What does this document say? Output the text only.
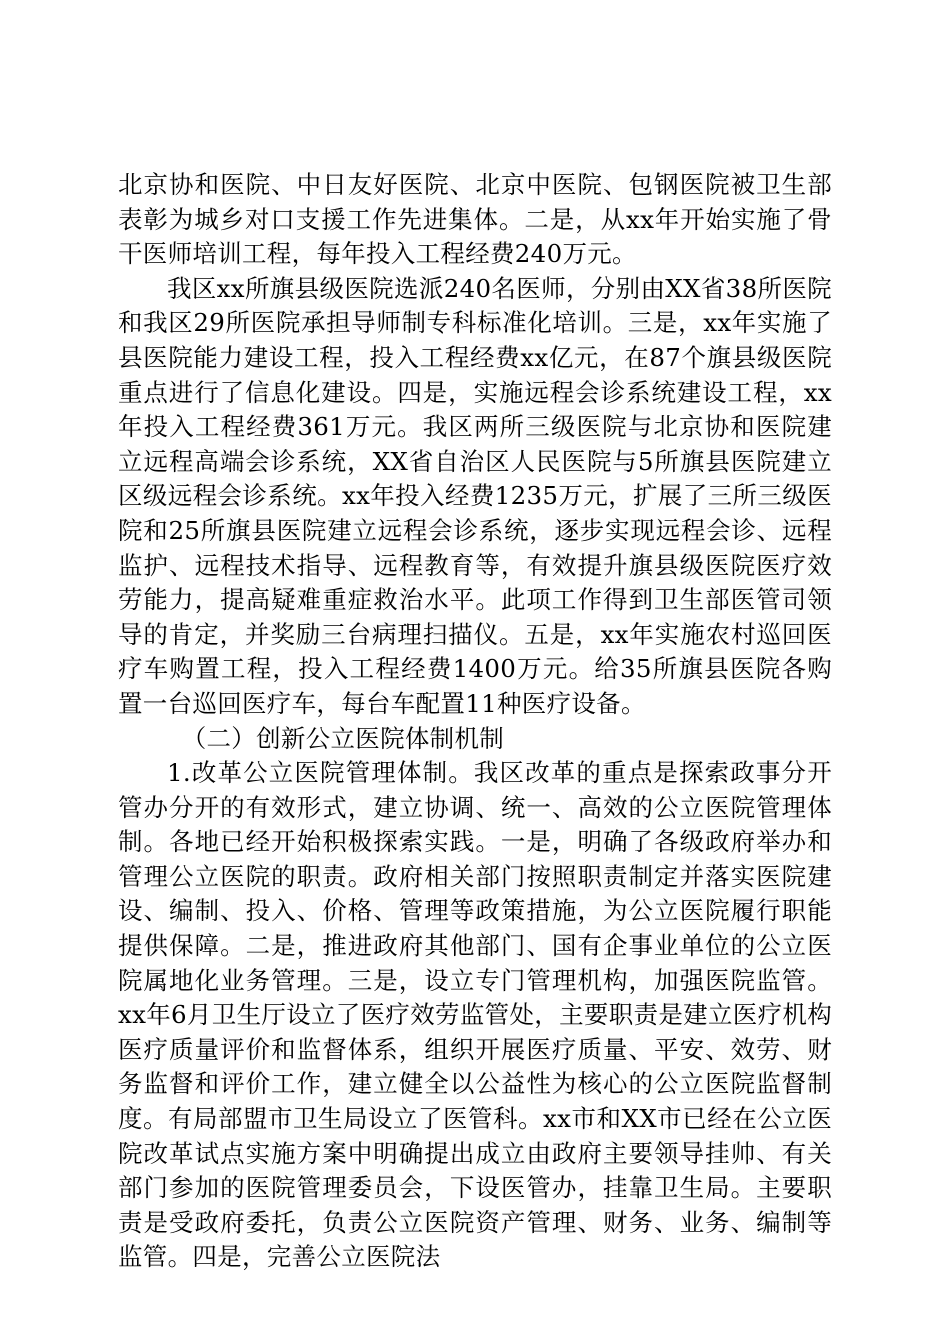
北京协和医院、中日友好医院、北京中医院、包钢医院被卫生部表彰为城乡对口支援工作先进集体。二是，从xx年开始实施了骨干医师培训工程，每年投入工程经费240万元。

我区xx所旗县级医院选派240名医师，分别由XX省38所医院和我区29所医院承担导师制专科标准化培训。三是，xx年实施了县医院能力建设工程，投入工程经费xx亿元，在87个旗县级医院重点进行了信息化建设。四是，实施远程会诊系统建设工程，xx年投入工程经费361万元。我区两所三级医院与北京协和医院建立远程高端会诊系统，XX省自治区人民医院与5所旗县医院建立区级远程会诊系统。xx年投入经费1235万元，扩展了三所三级医院和25所旗县医院建立远程会诊系统，逐步实现远程会诊、远程监护、远程技术指导、远程教育等，有效提升旗县级医院医疗效劳能力，提高疑难重症救治水平。此项工作得到卫生部医管司领导的肯定，并奖励三台病理扫描仪。五是，xx年实施农村巡回医疗车购置工程，投入工程经费1400万元。给35所旗县医院各购置一台巡回医疗车，每台车配置11种医疗设备。

（二）创新公立医院体制机制

1.改革公立医院管理体制。我区改革的重点是探索政事分开管办分开的有效形式，建立协调、统一、高效的公立医院管理体制。各地已经开始积极探索实践。一是，明确了各级政府举办和管理公立医院的职责。政府相关部门按照职责制定并落实医院建设、编制、投入、价格、管理等政策措施，为公立医院履行职能提供保障。二是，推进政府其他部门、国有企事业单位的公立医院属地化业务管理。三是，设立专门管理机构，加强医院监管。xx年6月卫生厅设立了医疗效劳监管处，主要职责是建立医疗机构医疗质量评价和监督体系，组织开展医疗质量、平安、效劳、财务监督和评价工作，建立健全以公益性为核心的公立医院监督制度。有局部盟市卫生局设立了医管科。xx市和XX市已经在公立医院改革试点实施方案中明确提出成立由政府主要领导挂帅、有关部门参加的医院管理委员会，下设医管办，挂靠卫生局。主要职责是受政府委托，负责公立医院资产管理、财务、业务、编制等监管。四是，完善公立医院法
